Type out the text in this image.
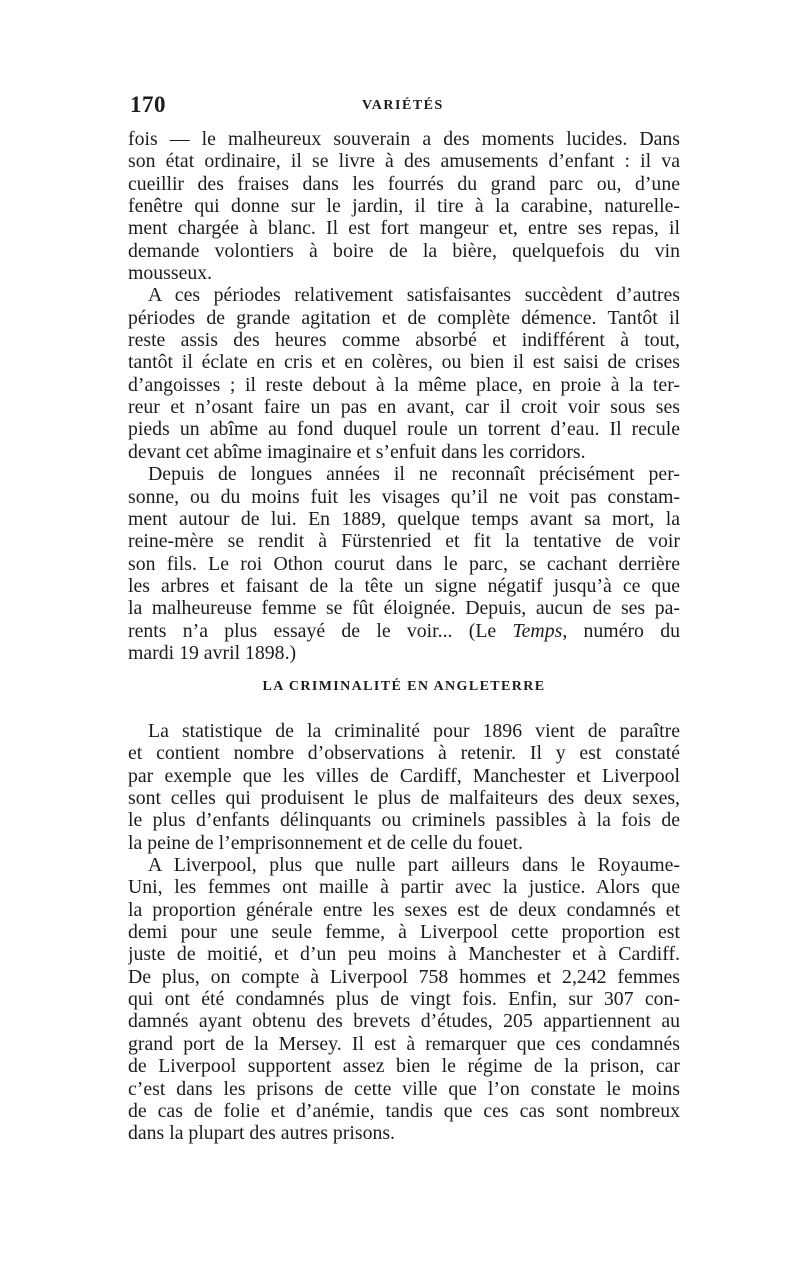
170	VARIÉTÉS
fois — le malheureux souverain a des moments lucides. Dans
son état ordinaire, il se livre à des amusements d’enfant : il va
cueillir des fraises dans les fourrés du grand parc ou, d’une
fenêtre qui donne sur le jardin, il tire à la carabine, naturelle-
ment chargée à blanc. Il est fort mangeur et, entre ses repas, il
demande volontiers à boire de la bière, quelquefois du vin
mousseux.
A ces périodes relativement satisfaisantes succèdent d’autres
périodes de grande agitation et de complète démence. Tantôt il
reste assis des heures comme absorbé et indifférent à tout,
tantôt il éclate en cris et en colères, ou bien il est saisi de crises
d’angoisses ; il reste debout à la même place, en proie à la ter-
reur et n’osant faire un pas en avant, car il croit voir sous ses
pieds un abîme au fond duquel roule un torrent d’eau. Il recule
devant cet abîme imaginaire et s’enfuit dans les corridors.
Depuis de longues années il ne reconnaît précisément per-
sonne, ou du moins fuit les visages qu’il ne voit pas constam-
ment autour de lui. En 1889, quelque temps avant sa mort, la
reine-mère se rendit à Fürstenried et fit la tentative de voir
son fils. Le roi Othon courut dans le parc, se cachant derrière
les arbres et faisant de la tête un signe négatif jusqu’à ce que
la malheureuse femme se fût éloignée. Depuis, aucun de ses pa-
rents n’a plus essayé de le voir... (Le Temps, numéro du
mardi 19 avril 1898.)
LA CRIMINALITÉ EN ANGLETERRE
La statistique de la criminalité pour 1896 vient de paraître
et contient nombre d’observations à retenir. Il y est constaté
par exemple que les villes de Cardiff, Manchester et Liverpool
sont celles qui produisent le plus de malfaiteurs des deux sexes,
le plus d’enfants délinquants ou criminels passibles à la fois de
la peine de l’emprisonnement et de celle du fouet.
A Liverpool, plus que nulle part ailleurs dans le Royaume-
Uni, les femmes ont maille à partir avec la justice. Alors que
la proportion générale entre les sexes est de deux condamnés et
demi pour une seule femme, à Liverpool cette proportion est
juste de moitié, et d’un peu moins à Manchester et à Cardiff.
De plus, on compte à Liverpool 758 hommes et 2,242 femmes
qui ont été condamnés plus de vingt fois. Enfin, sur 307 con-
damnés ayant obtenu des brevets d’études, 205 appartiennent au
grand port de la Mersey. Il est à remarquer que ces condamnés
de Liverpool supportent assez bien le régime de la prison, car
c’est dans les prisons de cette ville que l’on constate le moins
de cas de folie et d’anémie, tandis que ces cas sont nombreux
dans la plupart des autres prisons.
